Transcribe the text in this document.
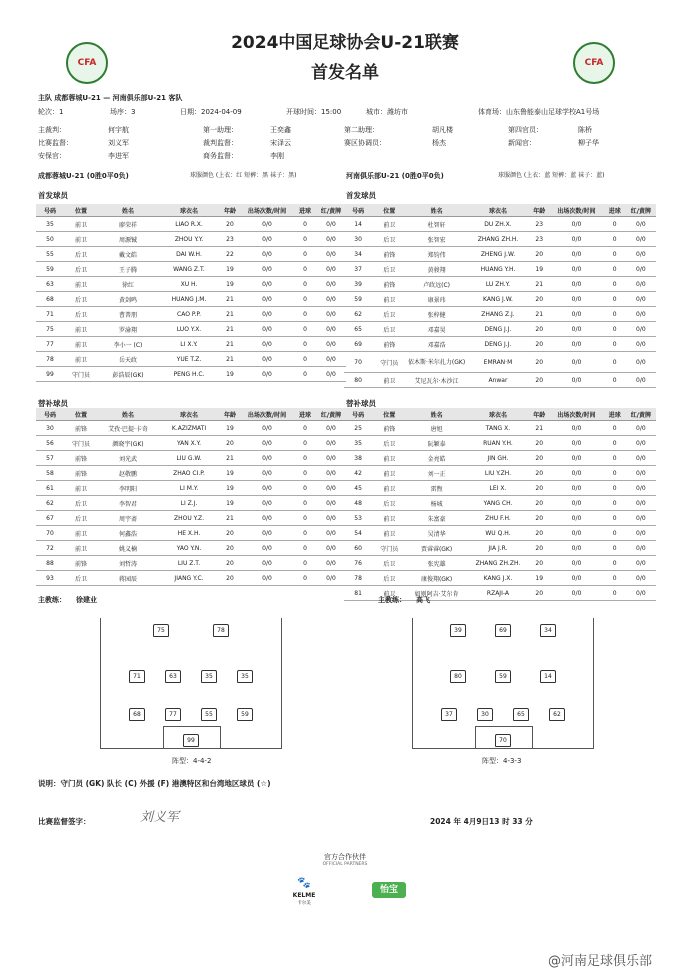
CFA	CFA
2024中国足球协会U-21联赛
首发名单
主队 成都蓉城U-21 — 河南俱乐部U-21 客队
轮次：1	场序：3	日期：2024-04-09	开球时间：15:00	城市：潍坊市	体育场：山东鲁能泰山足球学校A1号场
主裁判：	何宇航	第一助理：	王奕鑫	第二助理：	胡凡楼	第四官员：	陈桥
比赛监督：	刘义军	裁判监督：	宋泽云	赛区协调员：	杨杰	新闻官：	柳子华
安保官：	李进军	商务监督：	李刚
成都蓉城U-21 (0胜0平0负)	球服颜色 (上衣：红 短裤：黑 袜子：黑)	河南俱乐部U-21 (0胜0平0负)	球服颜色 (上衣：蓝 短裤：蓝 袜子：蓝)
首发球员	首发球员
替补球员	替补球员
号码	位置	姓名	球衣名	年龄	出场次数/时间	进球	红/黄牌
35	前卫	廖荣祥	LIAO R.X.	20	0/0	0	0/0
50	前卫	周源铖	ZHOU Y.Y.	23	0/0	0	0/0
55	后卫	戴文皓	DAI W.H.	22	0/0	0	0/0
59	后卫	王子腾	WANG Z.T.	19	0/0	0	0/0
63	前卫	徐红	XU H.	19	0/0	0	0/0
68	后卫	黄剑鸣	HUANG J.M.	21	0/0	0	0/0
71	后卫	曹普朋	CAO P.P.	21	0/0	0	0/0
75	前卫	罗渝翔	LUO Y.X.	21	0/0	0	0/0
77	前卫	李小一 (C)	LI X.Y.	21	0/0	0	0/0
78	前卫	岳天政	YUE T.Z.	21	0/0	0	0/0
99	守门员	彭浩辰(GK)	PENG H.C.	19	0/0	0	0/0
号码	位置	姓名	球衣名	年龄	出场次数/时间	进球	红/黄牌
14	前卫	杜智轩	DU ZH.X.	23	0/0	0	0/0
30	后卫	张智宏	ZHANG ZH.H.	23	0/0	0	0/0
34	前锋	郑钧伟	ZHENG J.W.	20	0/0	0	0/0
37	后卫	黄骏翔	HUANG Y.H.	19	0/0	0	0/0
39	前锋	卢政远(C)	LU ZH.Y.	21	0/0	0	0/0
59	前卫	康景玮	KANG J.W.	20	0/0	0	0/0
62	后卫	张梓健	ZHANG Z.J.	21	0/0	0	0/0
65	后卫	邓嘉昊	DENG J.J.	20	0/0	0	0/0
69	前锋	邓嘉浩	DENG J.J.	20	0/0	0	0/0
70	守门员	依木斯·米尔扎力(GK)	EMRAN·M	20	0/0	0	0/0
80	前卫	艾尼瓦尔·木沙江	Anwar	20	0/0	0	0/0
号码	位置	姓名	球衣名	年龄	出场次数/时间	进球	红/黄牌
30	前锋	艾孜·巴提·卡奇	K.AZIZMATI	19	0/0	0	0/0
56	守门员	颜晓宇(GK)	YAN X.Y.	20	0/0	0	0/0
57	前锋	刘光武	LIU G.W.	21	0/0	0	0/0
58	前锋	赵敬鹏	ZHAO CI.P.	19	0/0	0	0/0
61	前卫	李明阳	LI M.Y.	19	0/0	0	0/0
62	后卫	李智君	LI Z.J.	19	0/0	0	0/0
67	后卫	周宇斋	ZHOU Y.Z.	21	0/0	0	0/0
70	前卫	何鑫浩	HE X.H.	20	0/0	0	0/0
72	前卫	姚义楠	YAO Y.N.	20	0/0	0	0/0
88	前锋	刘哲涛	LIU Z.T.	20	0/0	0	0/0
93	后卫	蒋园辰	JIANG Y.C.	20	0/0	0	0/0
号码	位置	姓名	球衣名	年龄	出场次数/时间	进球	红/黄牌
25	前锋	唐旭	TANG X.	21	0/0	0	0/0
35	后卫	阮颖泰	RUAN Y.H.	20	0/0	0	0/0
38	前卫	金亮皓	JIN GH.	20	0/0	0	0/0
42	前卫	刘一正	LIU Y.ZH.	20	0/0	0	0/0
45	前卫	雷煦	LEI X.	20	0/0	0	0/0
48	后卫	杨城	YANG CH.	20	0/0	0	0/0
53	前卫	朱富豪	ZHU F.H.	20	0/0	0	0/0
54	前卫	吴清华	WU Q.H.	20	0/0	0	0/0
60	守门员	贾睿睿(GK)	JIA J.R.	20	0/0	0	0/0
76	后卫	张宪雄	ZHANG ZH.ZH.	20	0/0	0	0/0
78	后卫	康俊翔(GK)	KANG J.X.	19	0/0	0	0/0
81	前卫	如则阿吉·艾尔肯	RZAJI-A	20	0/0	0	0/0
主教练： 徐建业	主教练： 高飞
75	78
71	63	35	35
68	77	55	59
99
39	69	34
80	59	14
37	30	65	62
70
阵型：4-4-2	阵型：4-3-3
说明：守门员 (GK) 队长 (C) 外援 (F) 港澳特区和台湾地区球员 (☆)
比赛监督签字：	刘义军	2024 年 4月9日13 时 33 分
官方合作伙伴
OFFICIAL PARTNERS
🐾
KELME
卡尔美
怡宝
@河南足球俱乐部
